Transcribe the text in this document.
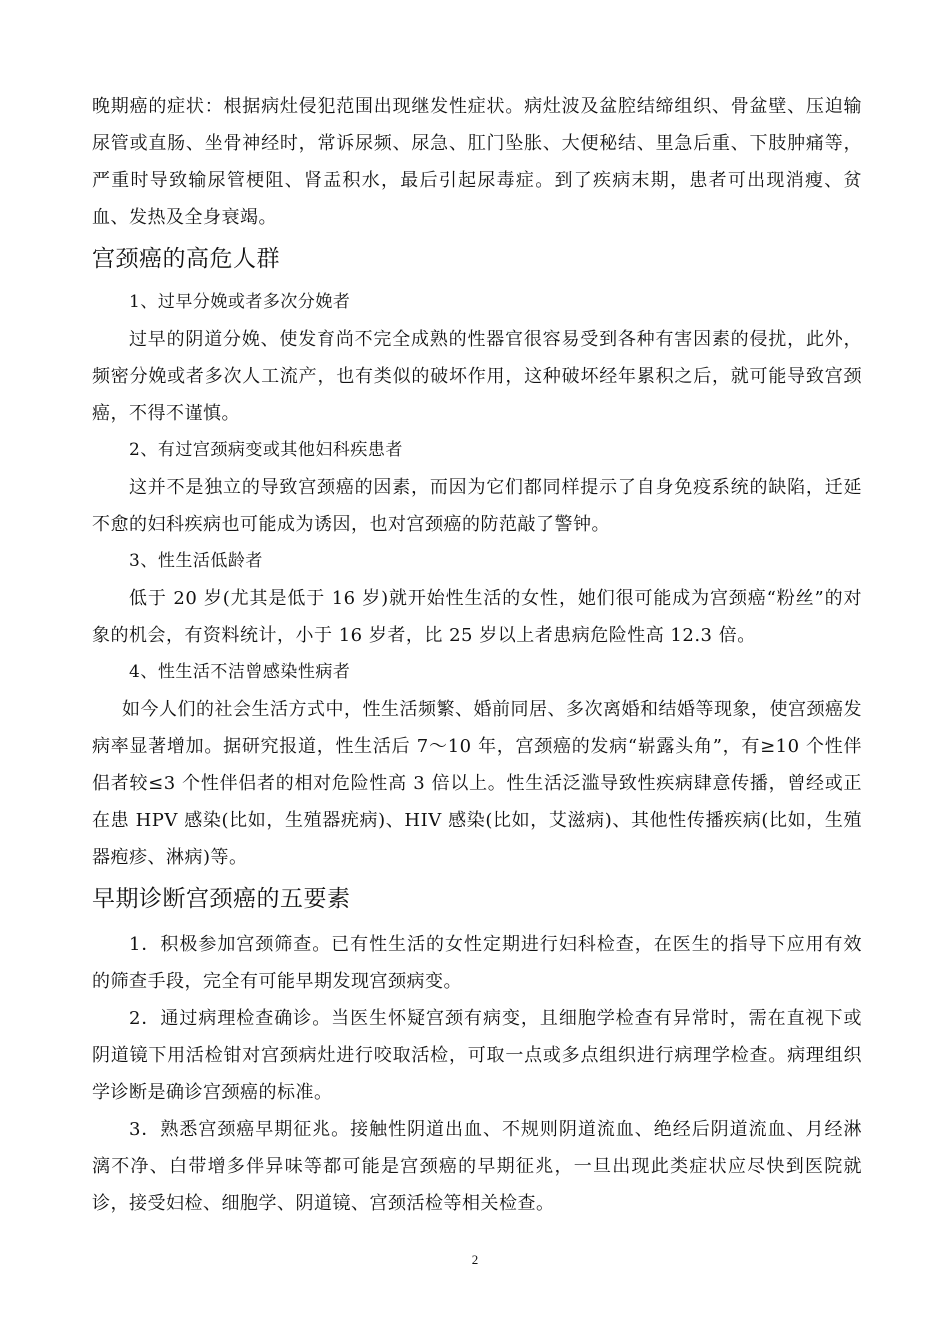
晚期癌的症状：根据病灶侵犯范围出现继发性症状。病灶波及盆腔结缔组织、骨盆壁、压迫输尿管或直肠、坐骨神经时，常诉尿频、尿急、肛门坠胀、大便秘结、里急后重、下肢肿痛等，严重时导致输尿管梗阻、肾盂积水，最后引起尿毒症。到了疾病末期，患者可出现消瘦、贫血、发热及全身衰竭。

宫颈癌的高危人群

1、过早分娩或者多次分娩者

过早的阴道分娩、使发育尚不完全成熟的性器官很容易受到各种有害因素的侵扰，此外，频密分娩或者多次人工流产，也有类似的破坏作用，这种破坏经年累积之后，就可能导致宫颈癌，不得不谨慎。

2、有过宫颈病变或其他妇科疾患者

这并不是独立的导致宫颈癌的因素，而因为它们都同样提示了自身免疫系统的缺陷，迁延不愈的妇科疾病也可能成为诱因，也对宫颈癌的防范敲了警钟。

3、性生活低龄者

低于 20 岁(尤其是低于 16 岁)就开始性生活的女性，她们很可能成为宫颈癌“粉丝”的对象的机会，有资料统计，小于 16 岁者，比 25 岁以上者患病危险性高 12.3 倍。

4、性生活不洁曾感染性病者

如今人们的社会生活方式中，性生活频繁、婚前同居、多次离婚和结婚等现象，使宫颈癌发病率显著增加。据研究报道，性生活后 7～10 年，宫颈癌的发病“崭露头角”，有≥10 个性伴侣者较≤3 个性伴侣者的相对危险性高 3 倍以上。性生活泛滥导致性疾病肆意传播，曾经或正在患 HPV 感染(比如，生殖器疣病)、HIV 感染(比如，艾滋病)、其他性传播疾病(比如，生殖器疱疹、淋病)等。

早期诊断宫颈癌的五要素

1．积极参加宫颈筛查。已有性生活的女性定期进行妇科检查，在医生的指导下应用有效的筛查手段，完全有可能早期发现宫颈病变。

2．通过病理检查确诊。当医生怀疑宫颈有病变，且细胞学检查有异常时，需在直视下或阴道镜下用活检钳对宫颈病灶进行咬取活检，可取一点或多点组织进行病理学检查。病理组织学诊断是确诊宫颈癌的标准。

3．熟悉宫颈癌早期征兆。接触性阴道出血、不规则阴道流血、绝经后阴道流血、月经淋漓不净、白带增多伴异味等都可能是宫颈癌的早期征兆，一旦出现此类症状应尽快到医院就诊，接受妇检、细胞学、阴道镜、宫颈活检等相关检查。

2
